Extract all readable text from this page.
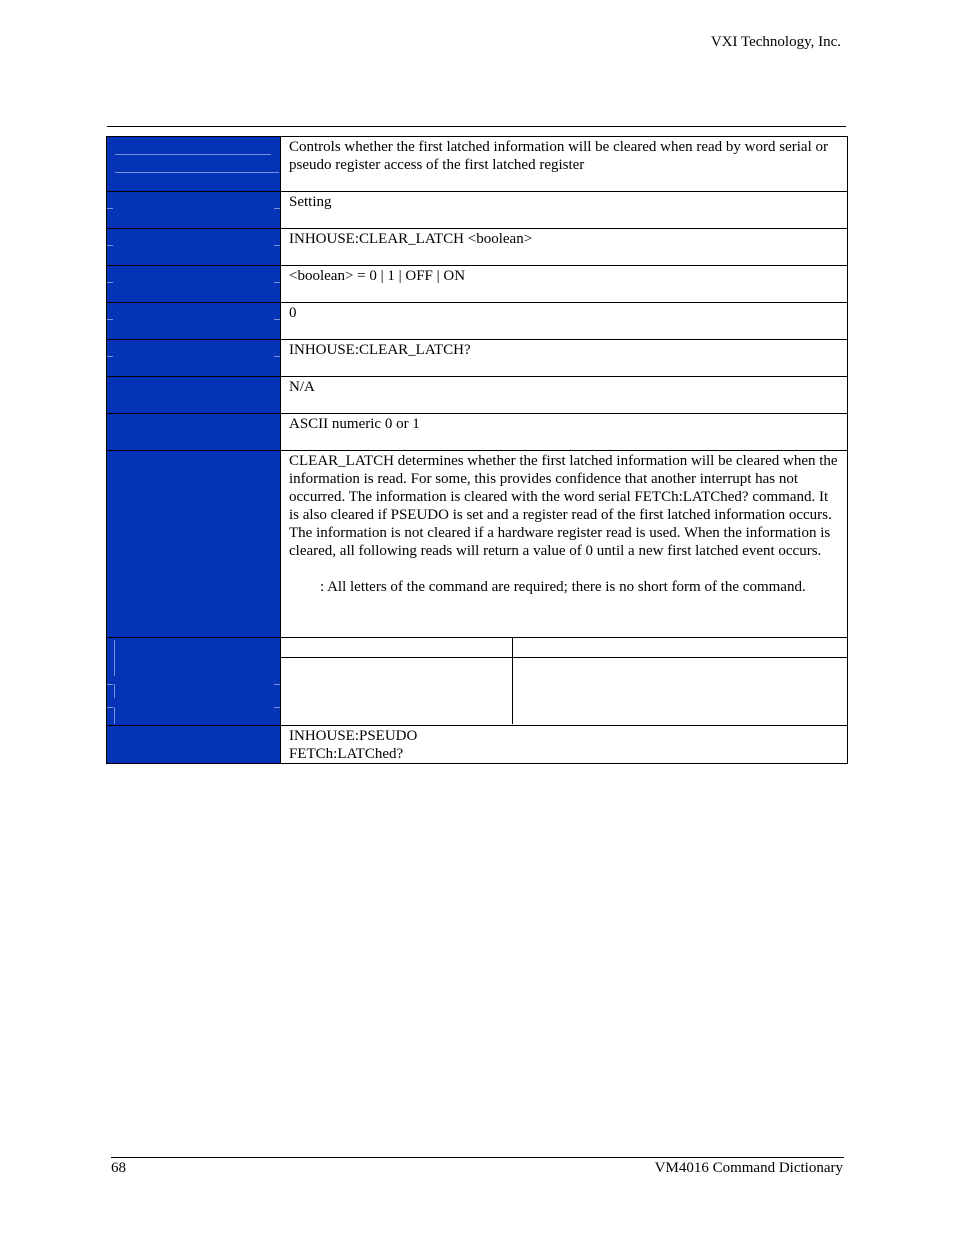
VXI Technology, Inc.
	Controls whether the first latched information will be cleared when read by word serial or pseudo register access of the first latched register

	Setting

	INHOUSE:CLEAR_LATCH <boolean>

	<boolean> = 0 | 1 | OFF | ON

	0

	INHOUSE:CLEAR_LATCH?
	N/A
	ASCII numeric 0 or 1

CLEAR_LATCH determines whether the first latched information will be cleared when the information is read. For some, this provides confidence that another interrupt has not occurred. The information is cleared with the word serial FETCh:LATChed? command. It is also cleared if PSEUDO is set and a register read of the first latched information occurs. The information is not cleared if a hardware register read is used. When the information is cleared, all following reads will return a value of 0 until a new first latched event occurs.

: All letters of the command are required; there is no short form of the command.

INHOUSE:PSEUDO
FETCh:LATChed?
68	VM4016 Command Dictionary
